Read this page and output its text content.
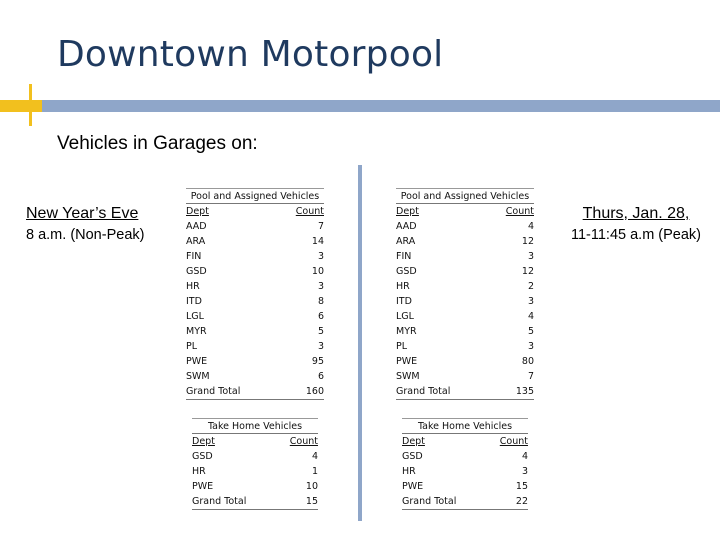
Downtown Motorpool
Vehicles in Garages on:
New Year’s Eve
8 a.m. (Non-Peak)
Thurs, Jan. 28,
11-11:45 a.m (Peak)
Pool and Assigned Vehicles
Dept	Count
AAD	7
ARA	14
FIN	3
GSD	10
HR	3
ITD	8
LGL	6
MYR	5
PL	3
PWE	95
SWM	6
Grand Total	160
Pool and Assigned Vehicles
Dept	Count
AAD	4
ARA	12
FIN	3
GSD	12
HR	2
ITD	3
LGL	4
MYR	5
PL	3
PWE	80
SWM	7
Grand Total	135
Take Home Vehicles
Dept	Count
GSD	4
HR	1
PWE	10
Grand Total	15
Take Home Vehicles
Dept	Count
GSD	4
HR	3
PWE	15
Grand Total	22
